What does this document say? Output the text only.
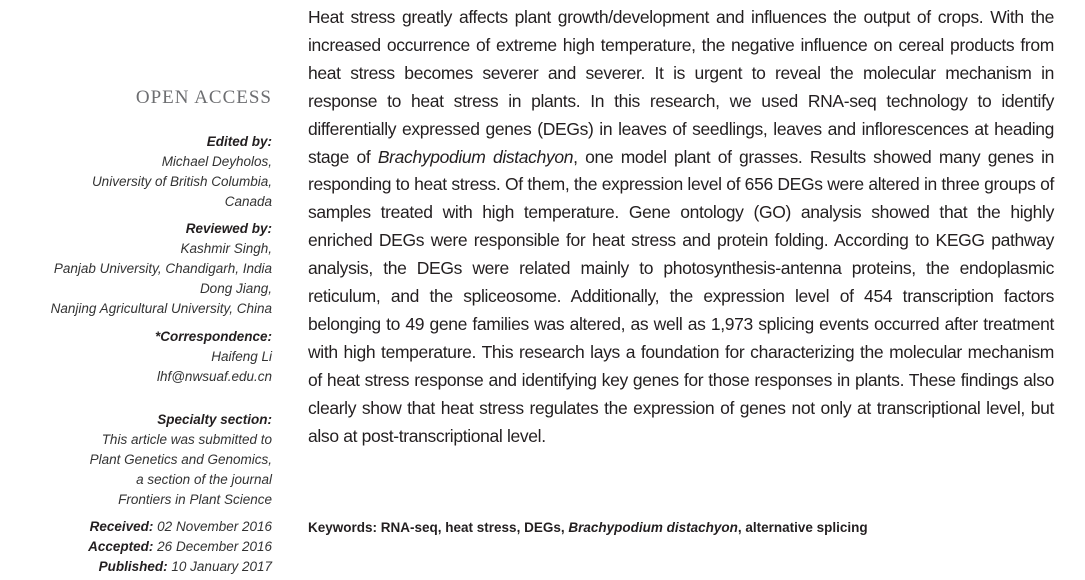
OPEN ACCESS
Edited by:
Michael Deyholos,
University of British Columbia,
Canada
Reviewed by:
Kashmir Singh,
Panjab University, Chandigarh, India
Dong Jiang,
Nanjing Agricultural University, China
*Correspondence:
Haifeng Li
lhf@nwsuaf.edu.cn
Specialty section:
This article was submitted to
Plant Genetics and Genomics,
a section of the journal
Frontiers in Plant Science
Received: 02 November 2016
Accepted: 26 December 2016
Published: 10 January 2017
Heat stress greatly affects plant growth/development and influences the output of crops. With the increased occurrence of extreme high temperature, the negative influence on cereal products from heat stress becomes severer and severer. It is urgent to reveal the molecular mechanism in response to heat stress in plants. In this research, we used RNA-seq technology to identify differentially expressed genes (DEGs) in leaves of seedlings, leaves and inflorescences at heading stage of Brachypodium distachyon, one model plant of grasses. Results showed many genes in responding to heat stress. Of them, the expression level of 656 DEGs were altered in three groups of samples treated with high temperature. Gene ontology (GO) analysis showed that the highly enriched DEGs were responsible for heat stress and protein folding. According to KEGG pathway analysis, the DEGs were related mainly to photosynthesis-antenna proteins, the endoplasmic reticulum, and the spliceosome. Additionally, the expression level of 454 transcription factors belonging to 49 gene families was altered, as well as 1,973 splicing events occurred after treatment with high temperature. This research lays a foundation for characterizing the molecular mechanism of heat stress response and identifying key genes for those responses in plants. These findings also clearly show that heat stress regulates the expression of genes not only at transcriptional level, but also at post-transcriptional level.
Keywords: RNA-seq, heat stress, DEGs, Brachypodium distachyon, alternative splicing
